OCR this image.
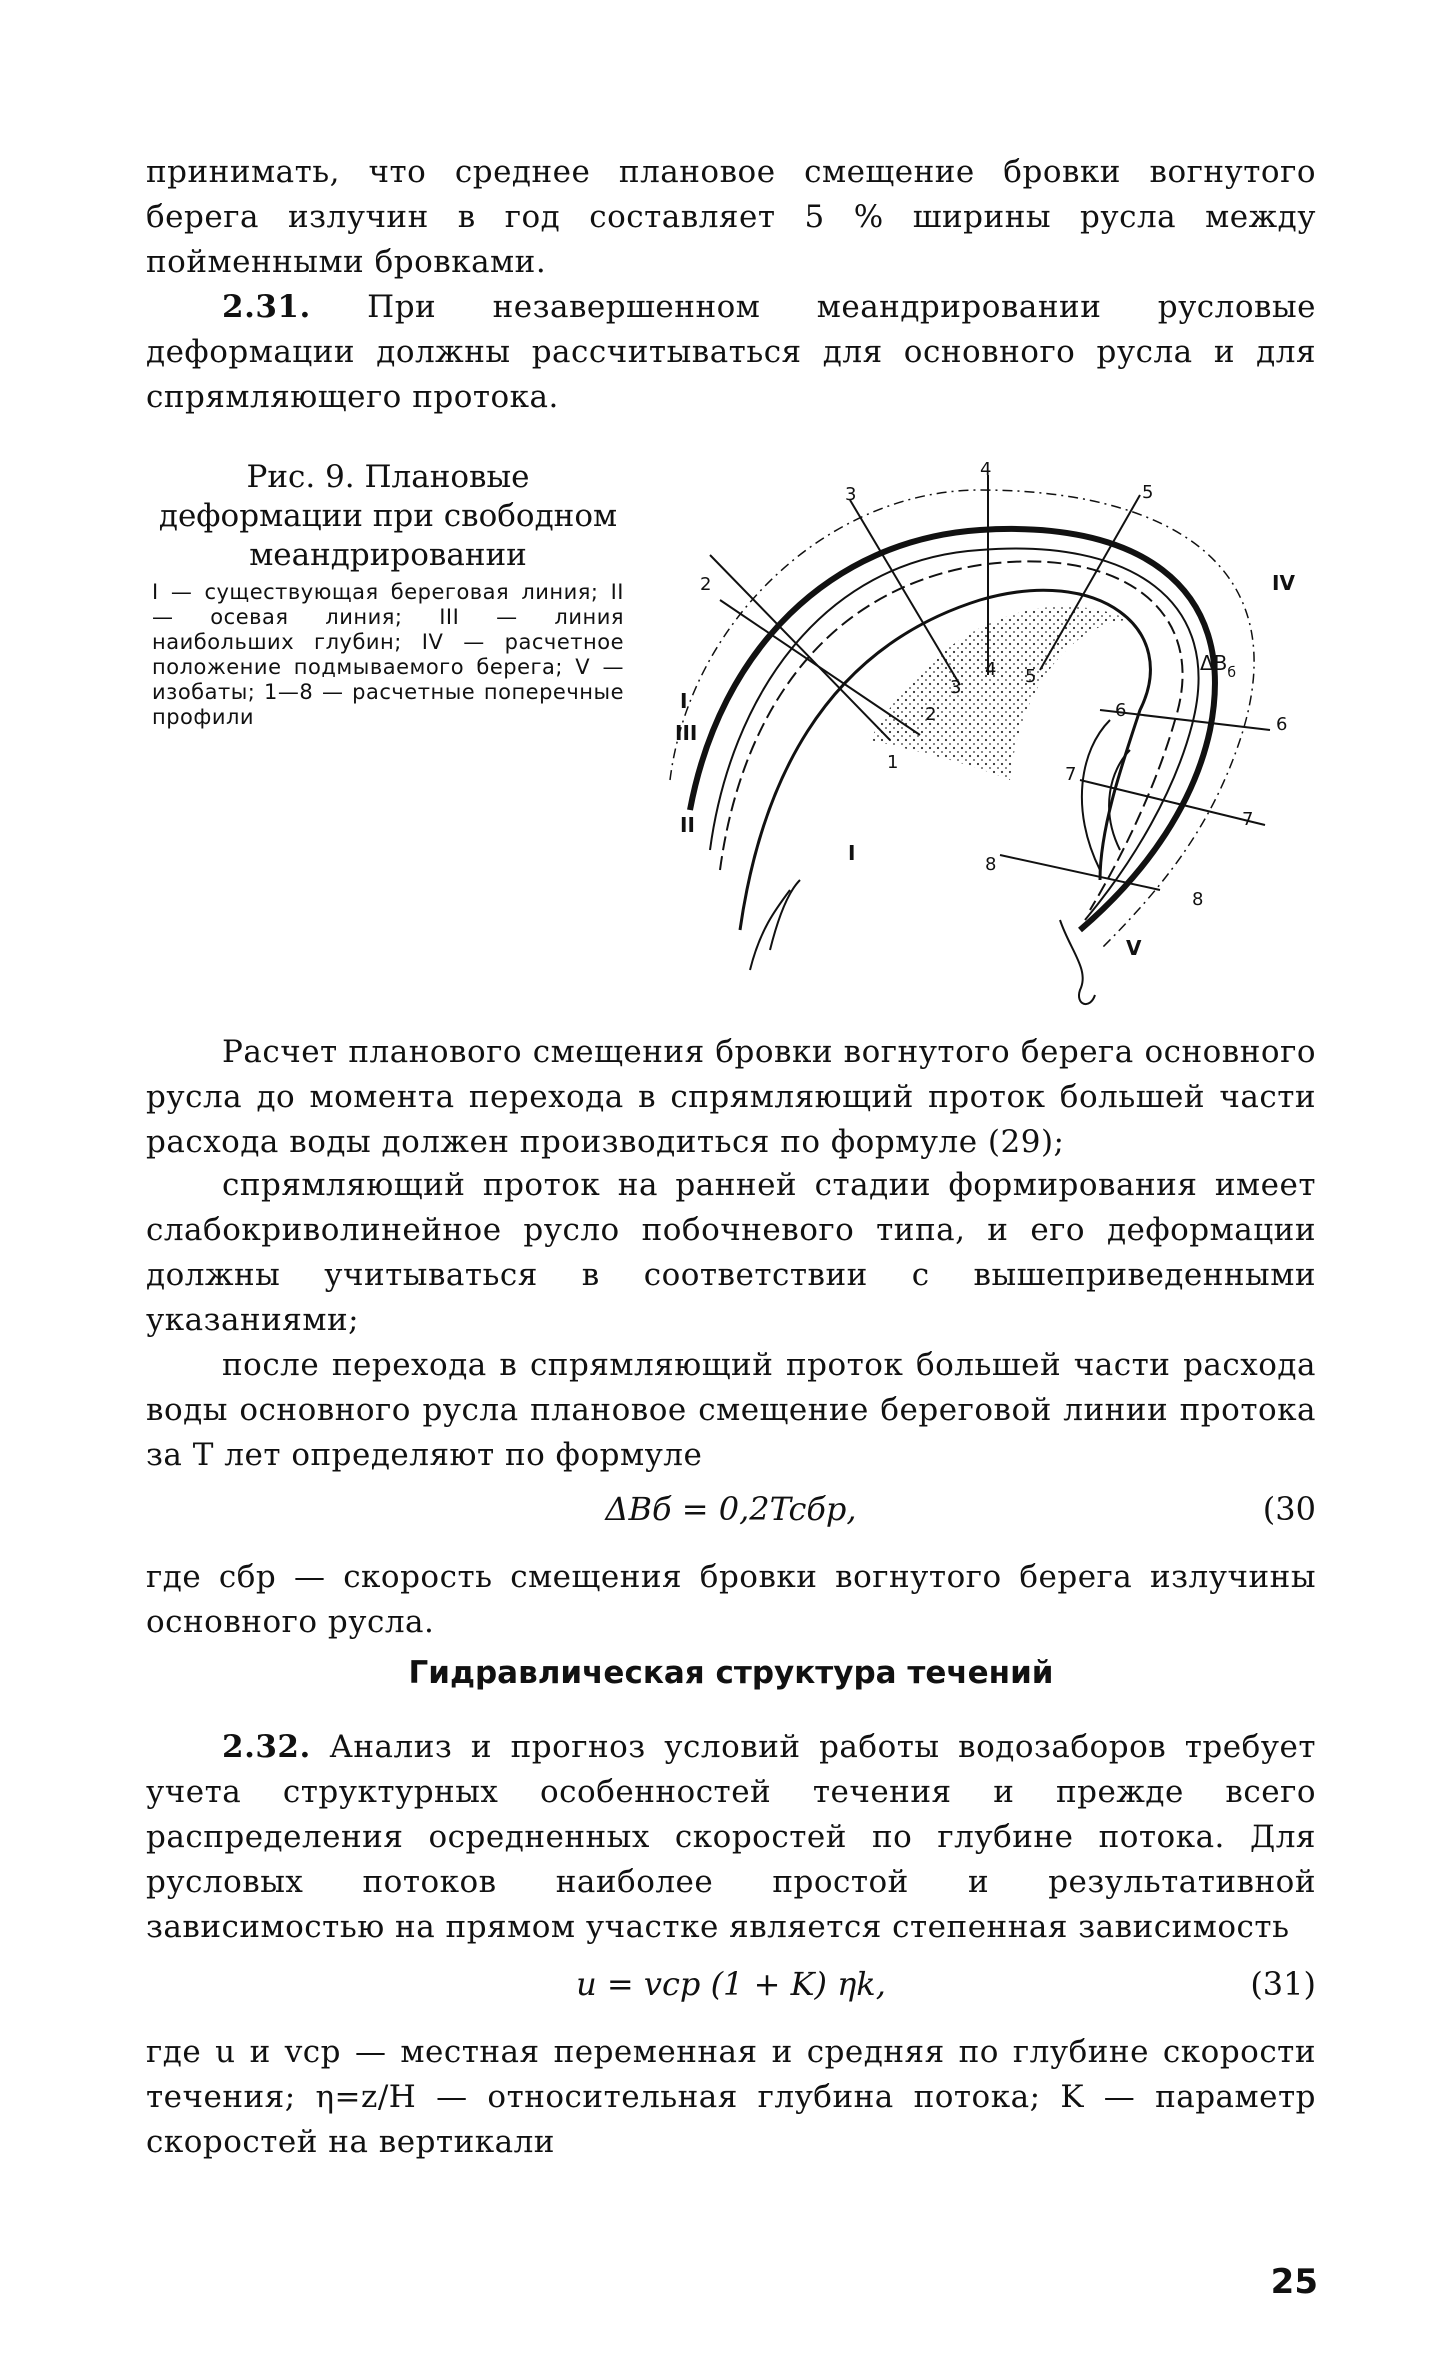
принимать, что среднее плановое смещение бровки вогнутого берега излучин в год составляет 5 % ширины русла между пойменными бровками.

2.31. При незавершенном меандрировании русловые деформации должны рассчитываться для основного русла и для спрямляющего протока.

Рис. 9. Плановые деформации при свободном меандрировании

I — существующая береговая линия; II — осевая линия; III — линия наибольших глубин; IV — расчетное положение подмываемого берега; V — изобаты; 1—8 — расчетные поперечные профили

1
2
3
4 5
6
7
8
2
3
4
5
6
7
8
I
III
II
I
IV
V
$\Delta B_б$

Расчет планового смещения бровки вогнутого берега основного русла до момента перехода в спрямляющий проток большей части расхода воды должен производиться по формуле (29);

спрямляющий проток на ранней стадии формирования имеет слабокриволинейное русло побочневого типа, и его деформации должны учитываться в соответствии с вышеприведенными указаниями;

после перехода в спрямляющий проток большей части расхода воды основного русла плановое смещение береговой линии протока за T лет определяют по формуле

ΔBб = 0,2Tcбр,	(30

где cбр — скорость смещения бровки вогнутого берега излучины основного русла.

Гидравлическая структура течений

2.32. Анализ и прогноз условий работы водозаборов требует учета структурных особенностей течения и прежде всего распределения осредненных скоростей по глубине потока. Для русловых потоков наиболее простой и результативной зависимостью на прямом участке является степенная зависимость

u = vср (1 + K) ηk,	(31)

где u и vср — местная переменная и средняя по глубине скорости течения; η=z/H — относительная глубина потока; K — параметр скоростей на вертикали

25
